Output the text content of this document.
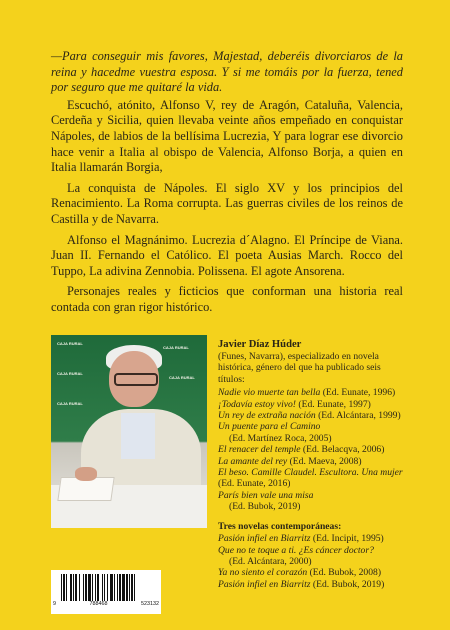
—Para conseguir mis favores, Majestad, deberéis divorciaros de la reina y hacedme vuestra esposa. Y si me tomáis por la fuerza, tened por seguro que me quitaré la vida.

Escuchó, atónito, Alfonso V, rey de Aragón, Cataluña, Valencia, Cerdeña y Sicilia, quien llevaba veinte años empeñado en conquistar Nápoles, de labios de la bellísima Lucrezia, Y para lograr ese divorcio hace venir a Italia al obispo de Valencia, Alfonso Borja, a quien en Italia llamarán Borgia,

La conquista de Nápoles. El siglo XV y los principios del Renacimiento. La Roma corrupta. Las guerras civiles de los reinos de Castilla y de Navarra.

Alfonso el Magnánimo. Lucrezia d´Alagno. El Príncipe de Viana. Juan II. Fernando el Católico. El poeta Ausias March. Rocco del Tuppo, La adivina Zennobia. Polissena. El agote Ansorena.

Personajes reales y ficticios que conforman una historia real contada con gran rigor histórico.

CAJA RURAL
CAJA RURAL
CAJA RURAL
CAJA RURAL
CAJA RURAL
Javier Díaz Húder
(Funes, Navarra), especializado en novela histórica, género del que ha publicado seis títulos:
Nadie vio muerte tan bella (Ed. Eunate, 1996)
¡Todavía estoy vivo! (Ed. Eunate, 1997)
Un rey de extraña nación (Ed. Alcántara, 1999)
Un puente para el Camino
(Ed. Martínez Roca, 2005)
El renacer del temple (Ed. Belacqva, 2006)
La amante del rey (Ed. Maeva, 2008)
El beso. Camille Claudel. Escultora. Una mujer (Ed. Eunate, 2016)
París bien vale una misa
(Ed. Bubok, 2019)
Tres novelas contemporáneas:
Pasión infiel en Biarritz (Ed. Incipit, 1995)
Que no te toque a ti. ¿Es cáncer doctor?
(Ed. Alcántara, 2000)
Ya no siento el corazón (Ed. Bubok, 2008)
Pasión infiel en Biarritz (Ed. Bubok, 2019)
9	788468	523132
